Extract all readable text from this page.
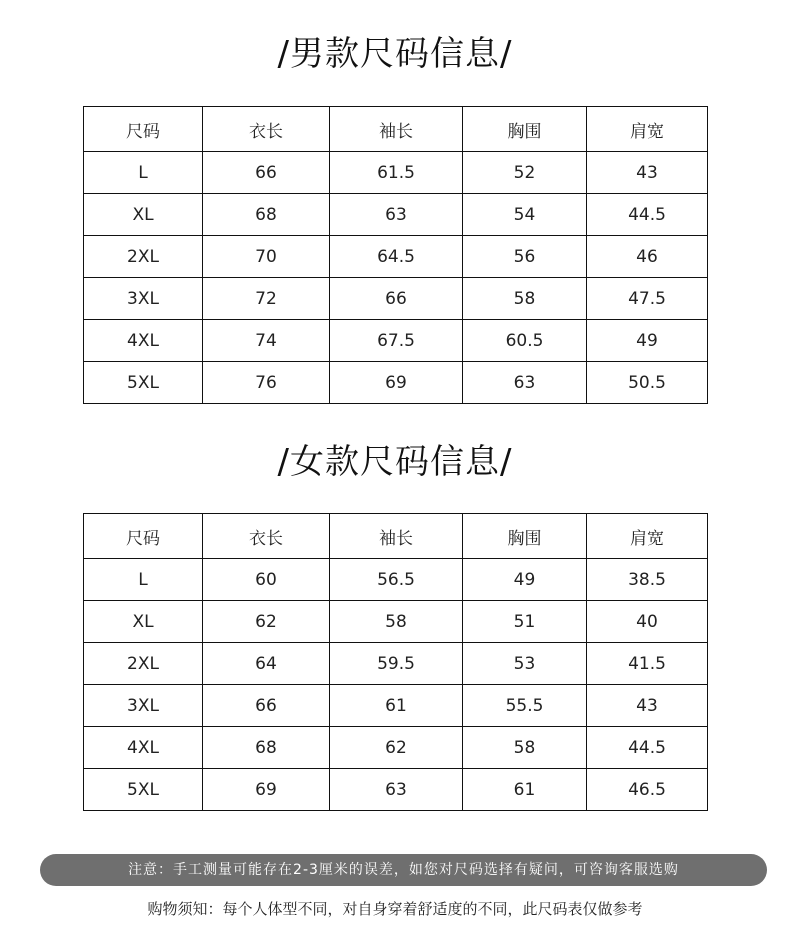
/男款尺码信息/
尺码	衣长	袖长	胸围	肩宽
L	66	61.5	52	43
XL	68	63	54	44.5
2XL	70	64.5	56	46
3XL	72	66	58	47.5
4XL	74	67.5	60.5	49
5XL	76	69	63	50.5
/女款尺码信息/
尺码	衣长	袖长	胸围	肩宽
L	60	56.5	49	38.5
XL	62	58	51	40
2XL	64	59.5	53	41.5
3XL	66	61	55.5	43
4XL	68	62	58	44.5
5XL	69	63	61	46.5
注意：手工测量可能存在2-3厘米的误差，如您对尺码选择有疑问，可咨询客服选购
购物须知：每个人体型不同，对自身穿着舒适度的不同，此尺码表仅做参考
